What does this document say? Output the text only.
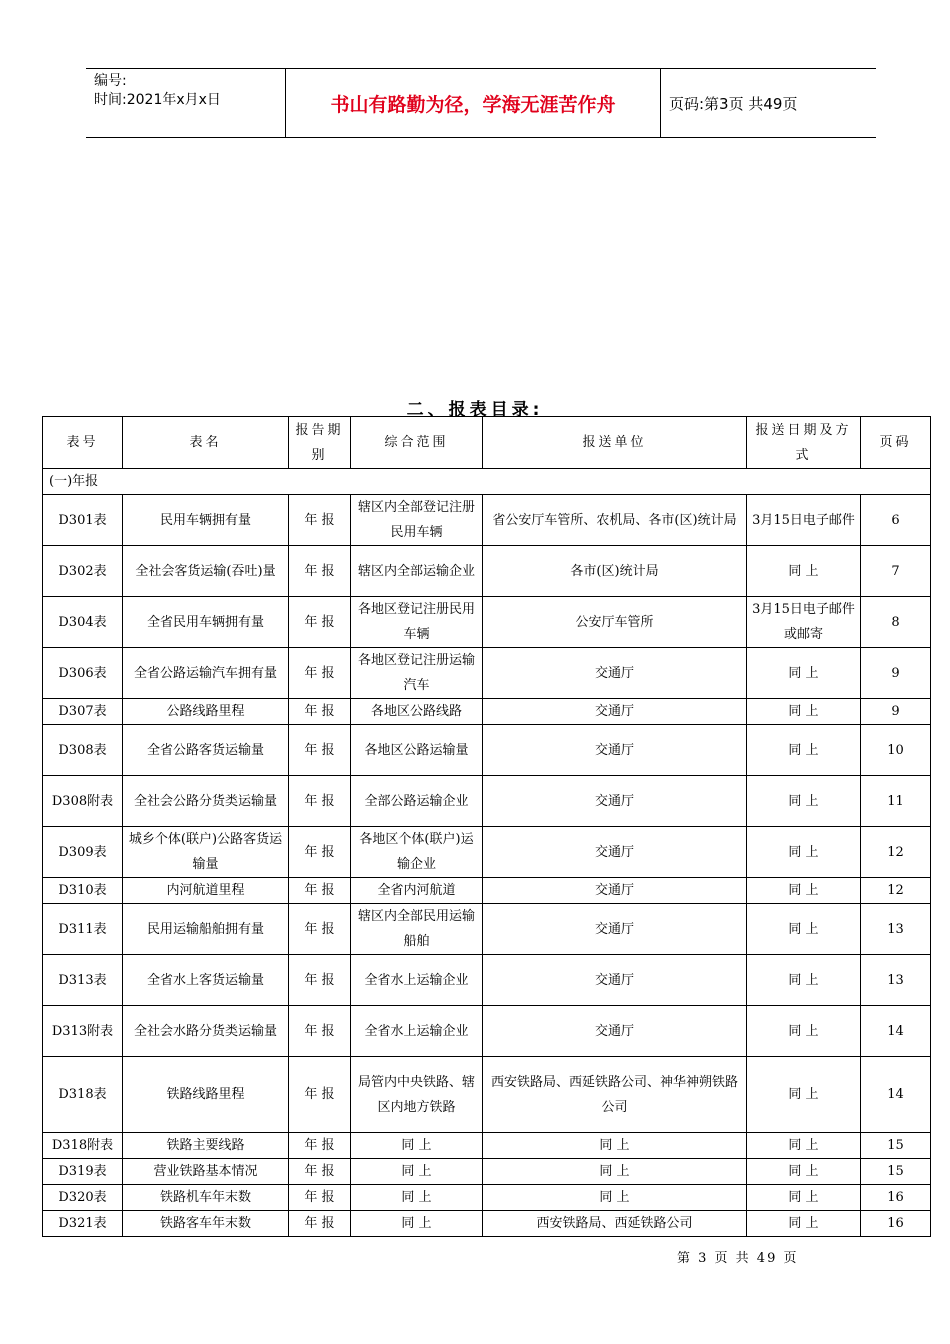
编号:
时间:2021年x月x日	书山有路勤为径，学海无涯苦作舟	页码:第3页 共49页
二、报表目录:
表号	表名	报告期别	综合范围	报送单位	报送日期及方式	页码
(一)年报						
D301表	民用车辆拥有量	年 报	辖区内全部登记注册民用车辆	省公安厅车管所、农机局、各市(区)统计局	3月15日电子邮件	6
D302表	全社会客货运输(吞吐)量	年 报	辖区内全部运输企业	各市(区)统计局	同 上	7
D304表	全省民用车辆拥有量	年 报	各地区登记注册民用车辆	公安厅车管所	3月15日电子邮件或邮寄	8
D306表	全省公路运输汽车拥有量	年 报	各地区登记注册运输汽车	交通厅	同 上	9
D307表	公路线路里程	年 报	各地区公路线路	交通厅	同 上	9
D308表	全省公路客货运输量	年 报	各地区公路运输量	交通厅	同 上	10
D308附表	全社会公路分货类运输量	年 报	全部公路运输企业	交通厅	同 上	11
D309表	城乡个体(联户)公路客货运输量	年 报	各地区个体(联户)运输企业	交通厅	同 上	12
D310表	内河航道里程	年 报	全省内河航道	交通厅	同 上	12
D311表	民用运输船舶拥有量	年 报	辖区内全部民用运输船舶	交通厅	同 上	13
D313表	全省水上客货运输量	年 报	全省水上运输企业	交通厅	同 上	13
D313附表	全社会水路分货类运输量	年 报	全省水上运输企业	交通厅	同 上	14
D318表	铁路线路里程	年 报	局管内中央铁路、辖区内地方铁路	西安铁路局、西延铁路公司、神华神朔铁路公司	同 上	14
D318附表	铁路主要线路	年 报	同 上	同 上	同 上	15
D319表	营业铁路基本情况	年 报	同 上	同 上	同 上	15
D320表	铁路机车年末数	年 报	同 上	同 上	同 上	16
D321表	铁路客车年末数	年 报	同 上	西安铁路局、西延铁路公司	同 上	16
第 3 页 共 49 页
